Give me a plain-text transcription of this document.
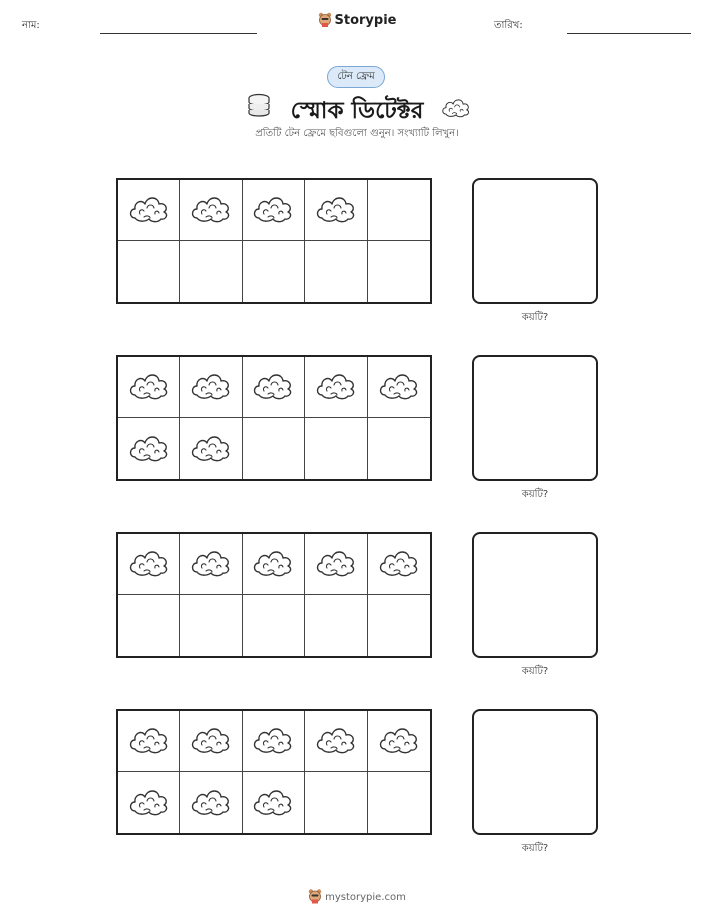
নাম:	Storypie	তারিখ:
টেন ফ্রেম
স্মোক ডিটেক্টর
প্রতিটি টেন ফ্রেমে ছবিগুলো গুনুন। সংখ্যাটি লিখুন।
কয়টি?
কয়টি?
কয়টি?
কয়টি?
mystorypie.com
